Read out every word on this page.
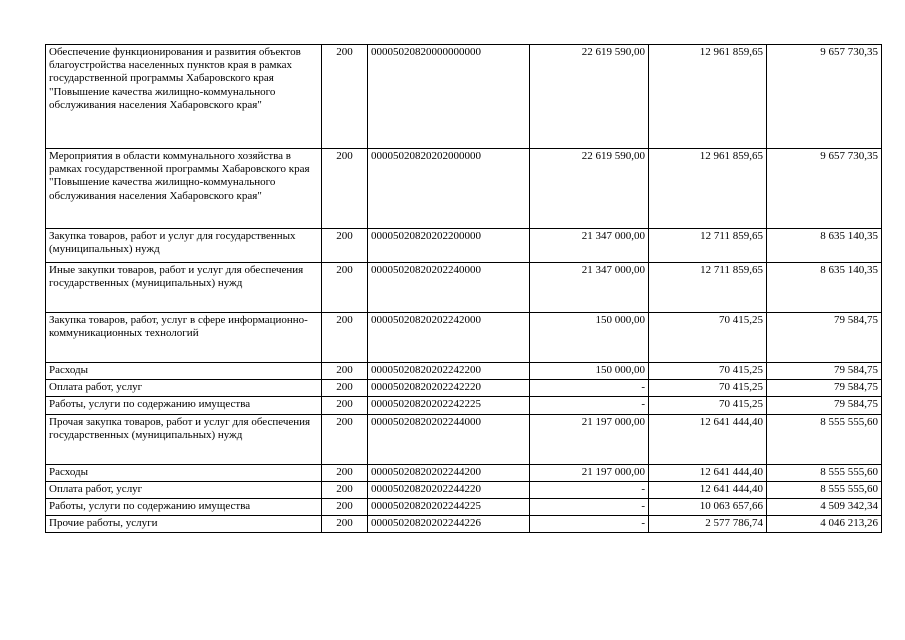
Обеспечение функционирования и развития объектов благоустройства населенных пунктов края в рамках государственной программы Хабаровского края "Повышение качества жилищно-коммунального обслуживания населения Хабаровского края"	200	00005020820000000000	22 619 590,00	12 961 859,65	9 657 730,35
Мероприятия в области коммунального хозяйства в рамках государственной программы Хабаровского края "Повышение качества жилищно-коммунального обслуживания населения Хабаровского края"	200	00005020820202000000	22 619 590,00	12 961 859,65	9 657 730,35
Закупка товаров, работ и услуг для государственных (муниципальных) нужд	200	00005020820202200000	21 347 000,00	12 711 859,65	8 635 140,35
Иные закупки товаров, работ и услуг для обеспечения государственных (муниципальных) нужд	200	00005020820202240000	21 347 000,00	12 711 859,65	8 635 140,35
Закупка товаров, работ, услуг в сфере информационно-коммуникационных технологий	200	00005020820202242000	150 000,00	70 415,25	79 584,75
Расходы	200	00005020820202242200	150 000,00	70 415,25	79 584,75
Оплата работ, услуг	200	00005020820202242220	-	70 415,25	79 584,75
Работы, услуги по содержанию имущества	200	00005020820202242225	-	70 415,25	79 584,75
Прочая закупка товаров, работ и услуг для обеспечения государственных (муниципальных) нужд	200	00005020820202244000	21 197 000,00	12 641 444,40	8 555 555,60
Расходы	200	00005020820202244200	21 197 000,00	12 641 444,40	8 555 555,60
Оплата работ, услуг	200	00005020820202244220	-	12 641 444,40	8 555 555,60
Работы, услуги по содержанию имущества	200	00005020820202244225	-	10 063 657,66	4 509 342,34
Прочие работы, услуги	200	00005020820202244226	-	2 577 786,74	4 046 213,26
